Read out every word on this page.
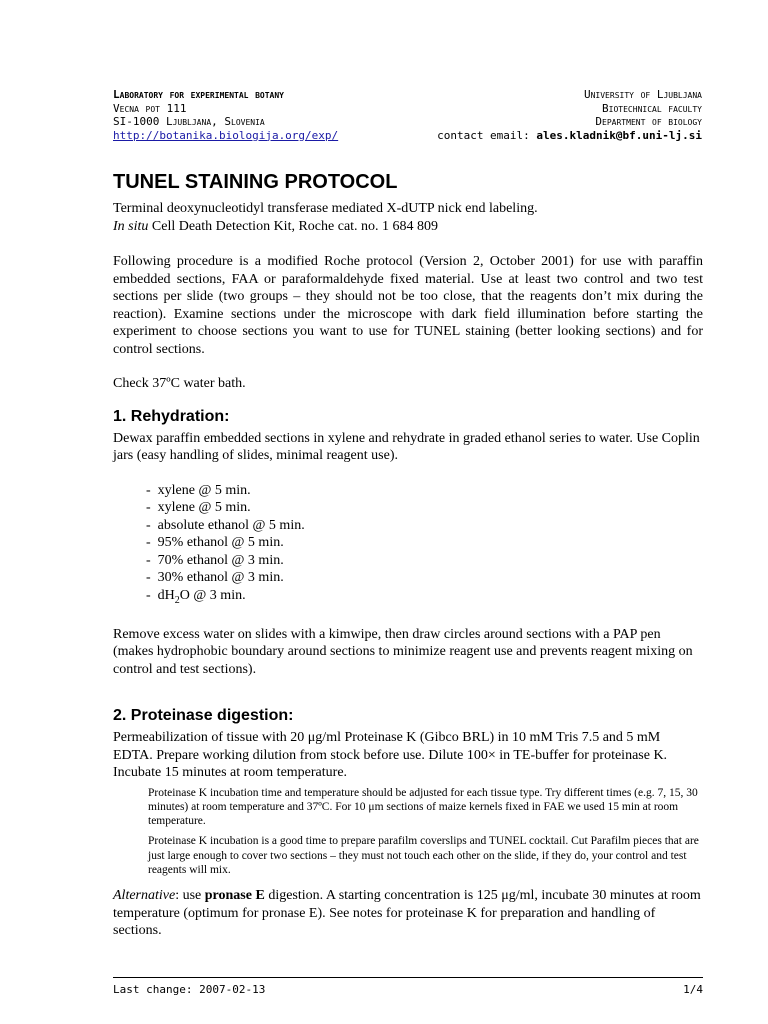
Laboratory for experimental botany	University of Ljubljana
Vecna pot 111	Biotechnical faculty
SI-1000 Ljubljana, Slovenia	Department of biology
http://botanika.biologija.org/exp/	contact email: ales.kladnik@bf.uni-lj.si
TUNEL STAINING PROTOCOL

Terminal deoxynucleotidyl transferase mediated X-dUTP nick end labeling.

In situ Cell Death Detection Kit, Roche cat. no. 1 684 809

Following procedure is a modified Roche protocol (Version 2, October 2001) for use with paraffin embedded sections, FAA or paraformaldehyde fixed material. Use at least two control and two test sections per slide (two groups – they should not be too close, that the reagents don’t mix during the reaction). Examine sections under the microscope with dark field illumination before starting the experiment to choose sections you want to use for TUNEL staining (better looking sections) and for control sections.

Check 37ºC water bath.

1. Rehydration:

Dewax paraffin embedded sections in xylene and rehydrate in graded ethanol series to water. Use Coplin jars (easy handling of slides, minimal reagent use).

- xylene @ 5 min.
- xylene @ 5 min.
- absolute ethanol @ 5 min.
- 95% ethanol @ 5 min.
- 70% ethanol @ 3 min.
- 30% ethanol @ 3 min.
- $dH_2O$ @ 3 min.

Remove excess water on slides with a kimwipe, then draw circles around sections with a PAP pen (makes hydrophobic boundary around sections to minimize reagent use and prevents reagent mixing on control and test sections).

2. Proteinase digestion:

Permeabilization of tissue with 20 μg/ml Proteinase K (Gibco BRL) in 10 mM Tris 7.5 and 5 mM EDTA. Prepare working dilution from stock before use. Dilute 100× in TE-buffer for proteinase K. Incubate 15 minutes at room temperature.

Proteinase K incubation time and temperature should be adjusted for each tissue type. Try different times (e.g. 7, 15, 30 minutes) at room temperature and 37ºC. For 10 μm sections of maize kernels fixed in FAE we used 15 min at room temperature.

Proteinase K incubation is a good time to prepare parafilm coverslips and TUNEL cocktail. Cut Parafilm pieces that are just large enough to cover two sections – they must not touch each other on the slide, if they do, your control and test reagents will mix.

Alternative: use pronase E digestion. A starting concentration is 125 μg/ml, incubate 30 minutes at room temperature (optimum for pronase E). See notes for proteinase K for preparation and handling of sections.

Last change: 2007-02-13	1/4
